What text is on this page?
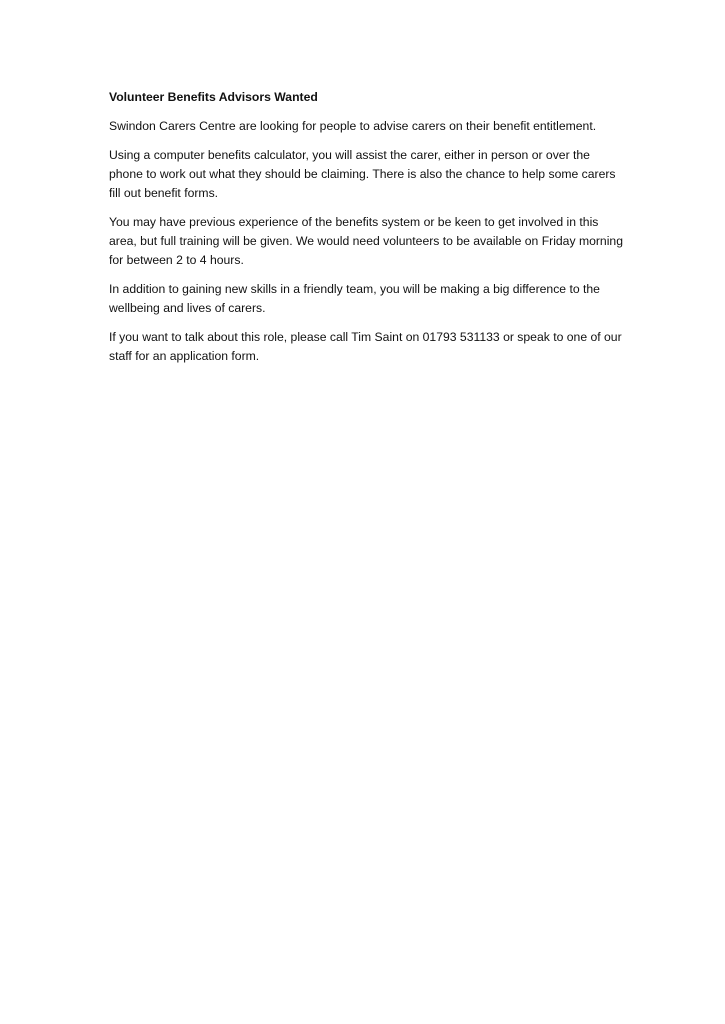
Volunteer Benefits Advisors Wanted

Swindon Carers Centre are looking for people to advise carers on their benefit entitlement.

Using a computer benefits calculator, you will assist the carer, either in person or over the phone to work out what they should be claiming. There is also the chance to help some carers fill out benefit forms.

You may have previous experience of the benefits system or be keen to get involved in this area, but full training will be given. We would need volunteers to be available on Friday morning for between 2 to 4 hours.

In addition to gaining new skills in a friendly team, you will be making a big difference to the wellbeing and lives of carers.

If you want to talk about this role, please call Tim Saint on 01793 531133 or speak to one of our staff for an application form.
